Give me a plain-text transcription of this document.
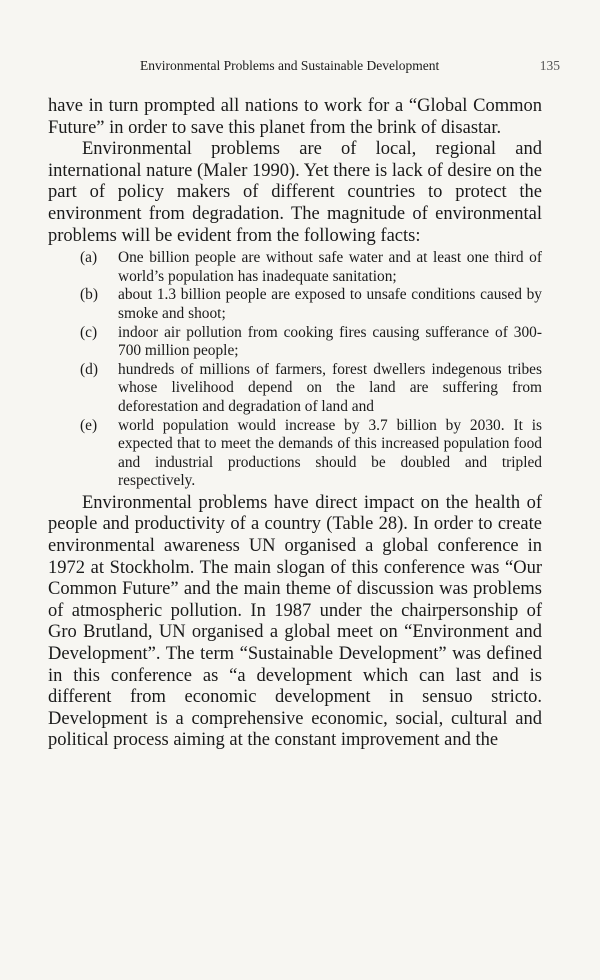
Environmental Problems and Sustainable Development	135

have in turn prompted all nations to work for a “Global Common Future” in order to save this planet from the brink of disastar.

Environmental problems are of local, regional and international nature (Maler 1990). Yet there is lack of desire on the part of policy makers of different countries to protect the environment from degradation. The magnitude of environmental problems will be evident from the following facts:

(a)	One billion people are without safe water and at least one third of world’s population has inadequate sanitation;
(b)	about 1.3 billion people are exposed to unsafe conditions caused by smoke and shoot;
(c)	indoor air pollution from cooking fires causing sufferance of 300-700 million people;
(d)	hundreds of millions of farmers, forest dwellers indegenous tribes whose livelihood depend on the land are suffering from deforestation and degradation of land and
(e)	world population would increase by 3.7 billion by 2030. It is expected that to meet the demands of this increased population food and industrial productions should be doubled and tripled respectively.

Environmental problems have direct impact on the health of people and productivity of a country (Table 28). In order to create environmental awareness UN organised a global conference in 1972 at Stockholm. The main slogan of this conference was “Our Common Future” and the main theme of discussion was problems of atmospheric pollution. In 1987 under the chairpersonship of Gro Brutland, UN organised a global meet on “Environment and Development”. The term “Sustainable Development” was defined in this conference as “a development which can last and is different from economic development in sensuo stricto. Development is a comprehensive economic, social, cultural and political process aiming at the constant improvement and the
